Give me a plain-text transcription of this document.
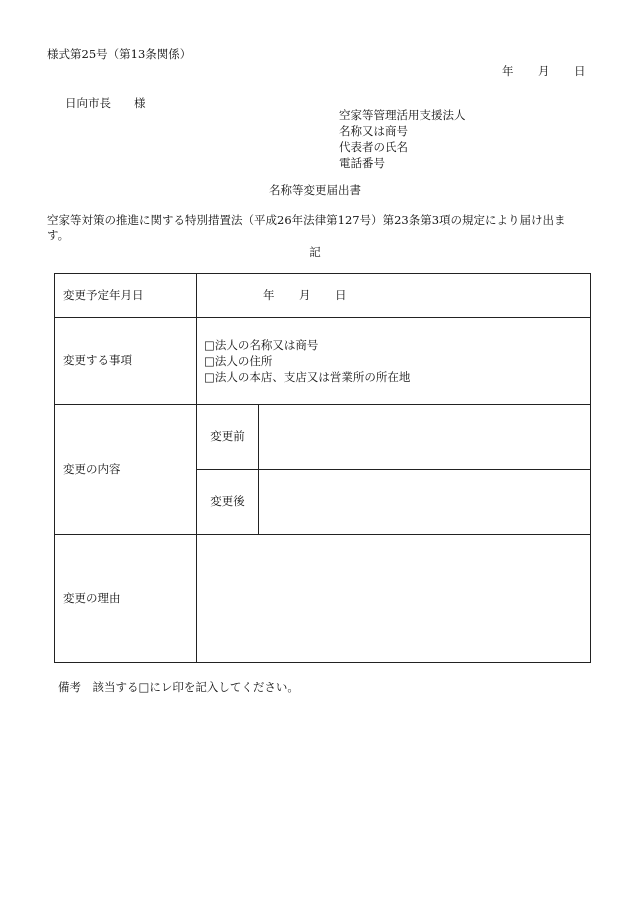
様式第25号（第13条関係）
年 月 日
日向市長　　様
空家等管理活用支援法人
名称又は商号
代表者の氏名
電話番号
名称等変更届出書
空家等対策の推進に関する特別措置法（平成26年法律第127号）第23条第3項の規定により届け出ます。
記
変更予定年月日	年 月 日	
変更する事項	□法人の名称又は商号
□法人の住所
□法人の本店、支店又は営業所の所在地	

変更の内容	変更前	
	変更後	
変更の理由		
備考　該当する□にレ印を記入してください。
